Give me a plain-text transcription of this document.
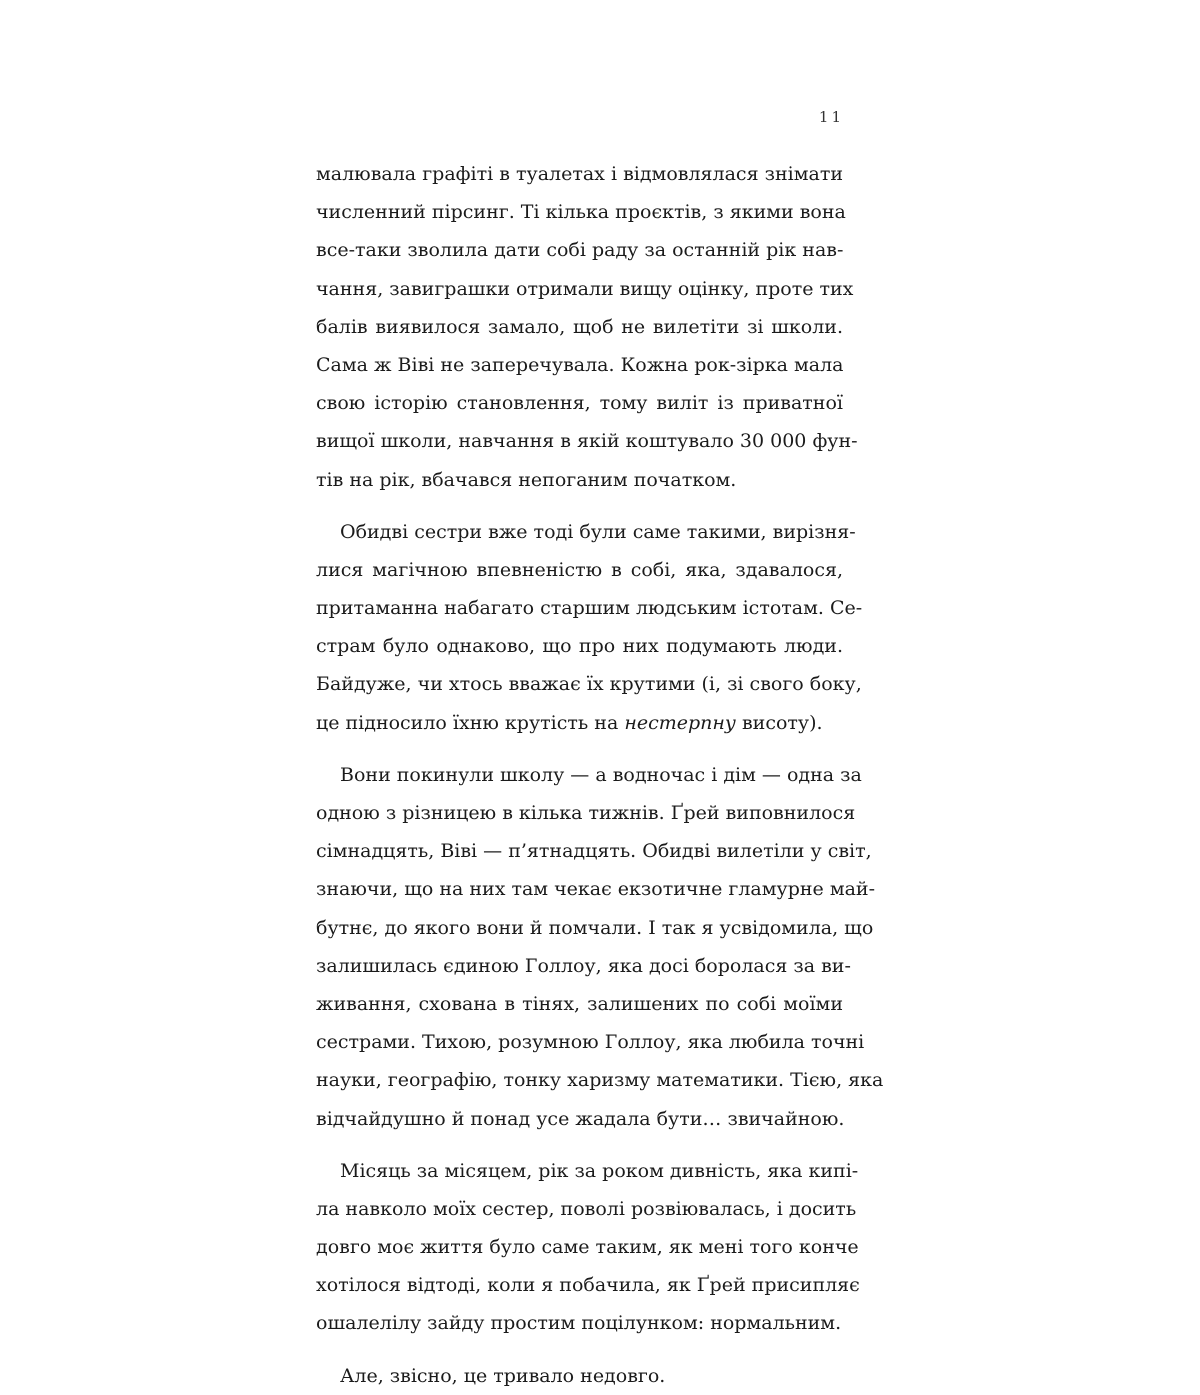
11
малювала графіті в туалетах і відмовлялася знімати
численний пірсинг. Ті кілька проєктів, з якими вона
все-таки зволила дати собі раду за останній рік нав-
чання, завиграшки отримали вищу оцінку, проте тих
балів виявилося замало, щоб не вилетіти зі школи.
Сама ж Віві не заперечувала. Кожна рок-зірка мала
свою історію становлення, тому виліт із приватної
вищої школи, навчання в якій коштувало 30 000 фун-
тів на рік, вбачався непоганим початком.
Обидві сестри вже тоді були саме такими, вирізня-
лися магічною впевненістю в собі, яка, здавалося,
притаманна набагато старшим людським істотам. Се-
страм було однаково, що про них подумають люди.
Байдуже, чи хтось вважає їх крутими (і, зі свого боку,
це підносило їхню крутість на нестерпну висоту).
Вони покинули школу — а водночас і дім — одна за
одною з різницею в кілька тижнів. Ґрей виповнилося
сімнадцять, Віві — п’ятнадцять. Обидві вилетіли у світ,
знаючи, що на них там чекає екзотичне гламурне май-
бутнє, до якого вони й помчали. І так я усвідомила, що
залишилась єдиною Голлоу, яка досі боролася за ви-
живання, схована в тінях, залишених по собі моїми
сестрами. Тихою, розумною Голлоу, яка любила точні
науки, географію, тонку харизму математики. Тією, яка
відчайдушно й понад усе жадала бути… звичайною.
Місяць за місяцем, рік за роком дивність, яка кипі-
ла навколо моїх сестер, поволі розвіювалась, і досить
довго моє життя було саме таким, як мені того конче
хотілося відтоді, коли я побачила, як Ґрей присипляє
ошалелілу зайду простим поцілунком: нормальним.
Але, звісно, це тривало недовго.
